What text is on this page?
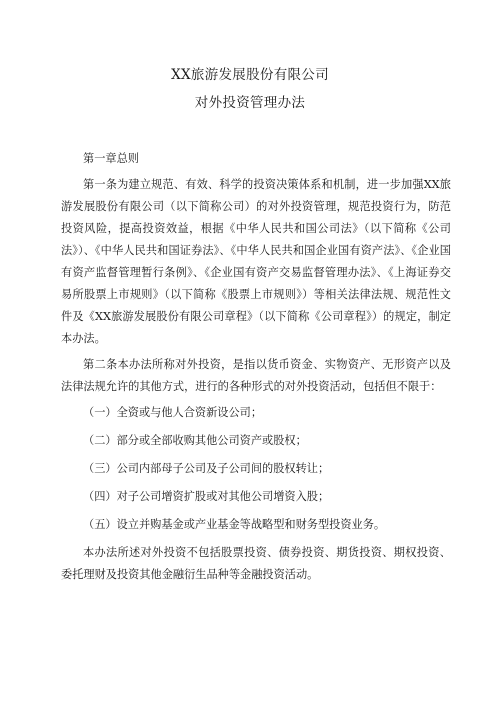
XX旅游发展股份有限公司
对外投资管理办法

第一章总则

第一条为建立规范、有效、科学的投资决策体系和机制，进一步加强XX旅游发展股份有限公司（以下简称公司）的对外投资管理，规范投资行为，防范投资风险，提高投资效益，根据《中华人民共和国公司法》（以下简称《公司法》）、《中华人民共和国证券法》、《中华人民共和国企业国有资产法》、《企业国有资产监督管理暂行条例》、《企业国有资产交易监督管理办法》、《上海证券交易所股票上市规则》（以下简称《股票上市规则》）等相关法律法规、规范性文件及《XX旅游发展股份有限公司章程》（以下简称《公司章程》）的规定，制定本办法。

第二条本办法所称对外投资，是指以货币资金、实物资产、无形资产以及法律法规允许的其他方式，进行的各种形式的对外投资活动，包括但不限于：

（一）全资或与他人合资新设公司；

（二）部分或全部收购其他公司资产或股权；

（三）公司内部母子公司及子公司间的股权转让；

（四）对子公司增资扩股或对其他公司增资入股；

（五）设立并购基金或产业基金等战略型和财务型投资业务。

本办法所述对外投资不包括股票投资、债券投资、期货投资、期权投资、委托理财及投资其他金融衍生品种等金融投资活动。
